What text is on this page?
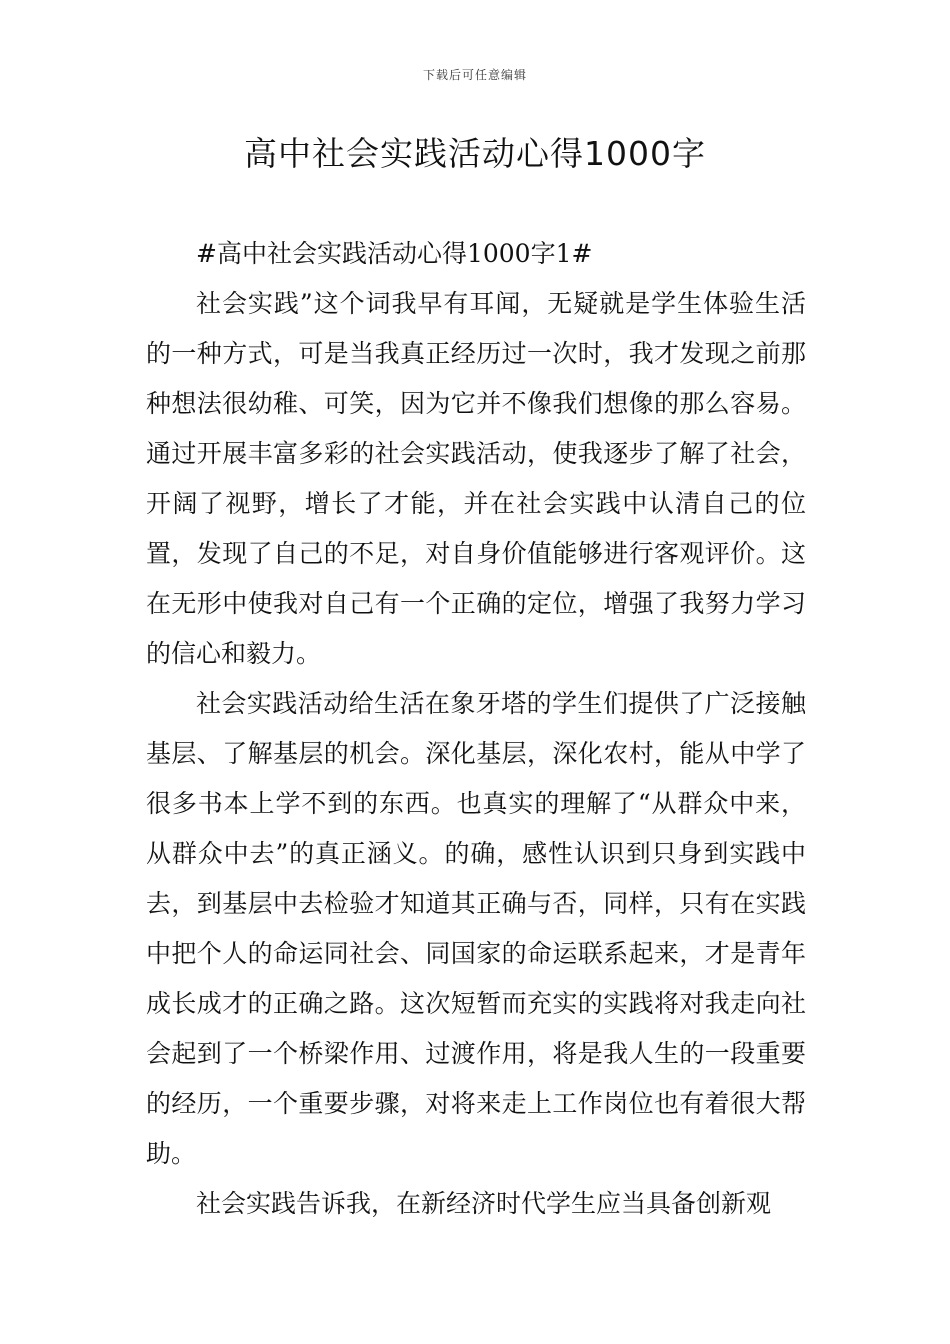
下载后可任意编辑
高中社会实践活动心得1000字

#高中社会实践活动心得1000字1#

社会实践”这个词我早有耳闻，无疑就是学生体验生活的一种方式，可是当我真正经历过一次时，我才发现之前那种想法很幼稚、可笑，因为它并不像我们想像的那么容易。通过开展丰富多彩的社会实践活动，使我逐步了解了社会，开阔了视野，增长了才能，并在社会实践中认清自己的位置，发现了自己的不足，对自身价值能够进行客观评价。这在无形中使我对自己有一个正确的定位，增强了我努力学习的信心和毅力。

社会实践活动给生活在象牙塔的学生们提供了广泛接触基层、了解基层的机会。深化基层，深化农村，能从中学了很多书本上学不到的东西。也真实的理解了“从群众中来，从群众中去”的真正涵义。的确，感性认识到只身到实践中去，到基层中去检验才知道其正确与否，同样，只有在实践中把个人的命运同社会、同国家的命运联系起来，才是青年成长成才的正确之路。这次短暂而充实的实践将对我走向社会起到了一个桥梁作用、过渡作用，将是我人生的一段重要的经历，一个重要步骤，对将来走上工作岗位也有着很大帮助。

社会实践告诉我，在新经济时代学生应当具备创新观
